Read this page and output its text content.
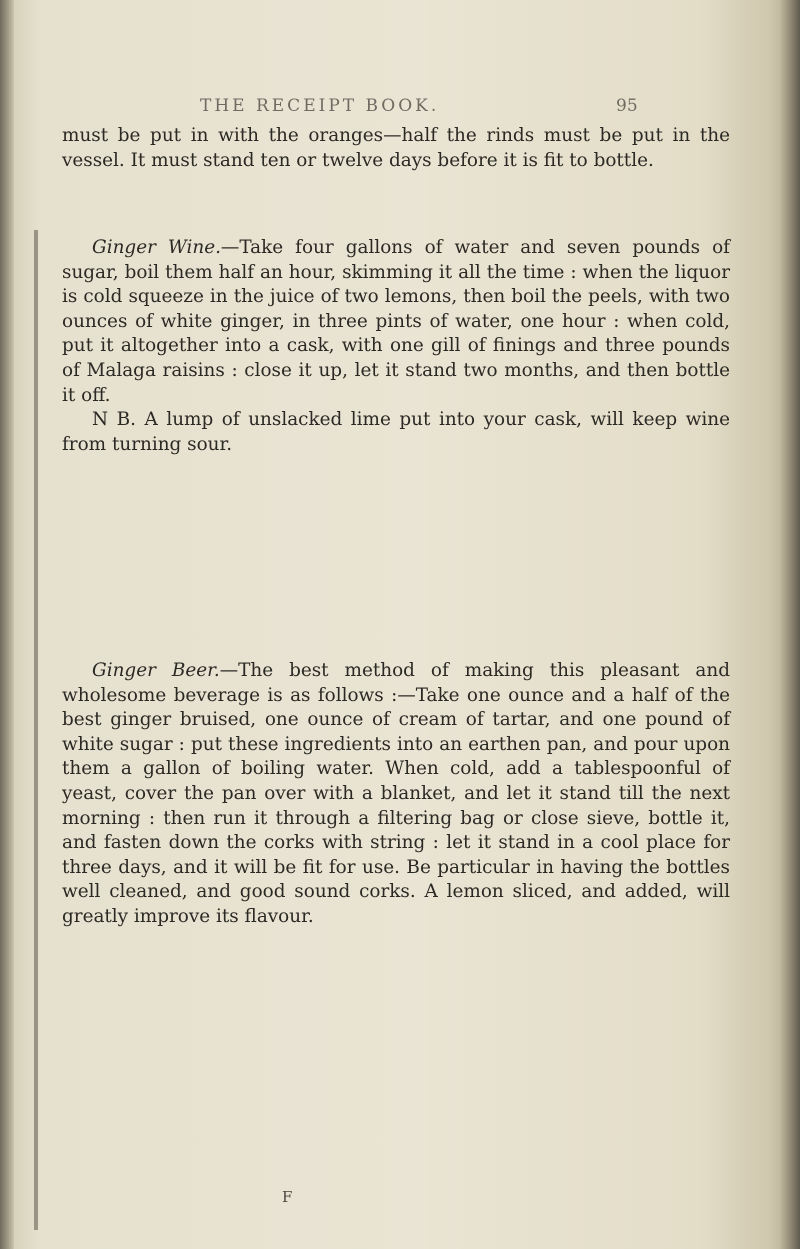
THE RECEIPT BOOK.	95

must be put in with the oranges—half the rinds must be put in the vessel. It must stand ten or twelve days before it is fit to bottle.

Ginger Wine.—Take four gallons of water and seven pounds of sugar, boil them half an hour, skimming it all the time : when the liquor is cold squeeze in the juice of two lemons, then boil the peels, with two ounces of white ginger, in three pints of water, one hour : when cold, put it altogether into a cask, with one gill of finings and three pounds of Malaga raisins : close it up, let it stand two months, and then bottle it off.

N B. A lump of unslacked lime put into your cask, will keep wine from turning sour.

Ginger Beer.—The best method of making this pleasant and wholesome beverage is as follows :—Take one ounce and a half of the best ginger bruised, one ounce of cream of tartar, and one pound of white sugar : put these ingredients into an earthen pan, and pour upon them a gallon of boiling water. When cold, add a tablespoonful of yeast, cover the pan over with a blanket, and let it stand till the next morning : then run it through a filtering bag or close sieve, bottle it, and fasten down the corks with string : let it stand in a cool place for three days, and it will be fit for use. Be particular in having the bottles well cleaned, and good sound corks. A lemon sliced, and added, will greatly improve its flavour.

F
